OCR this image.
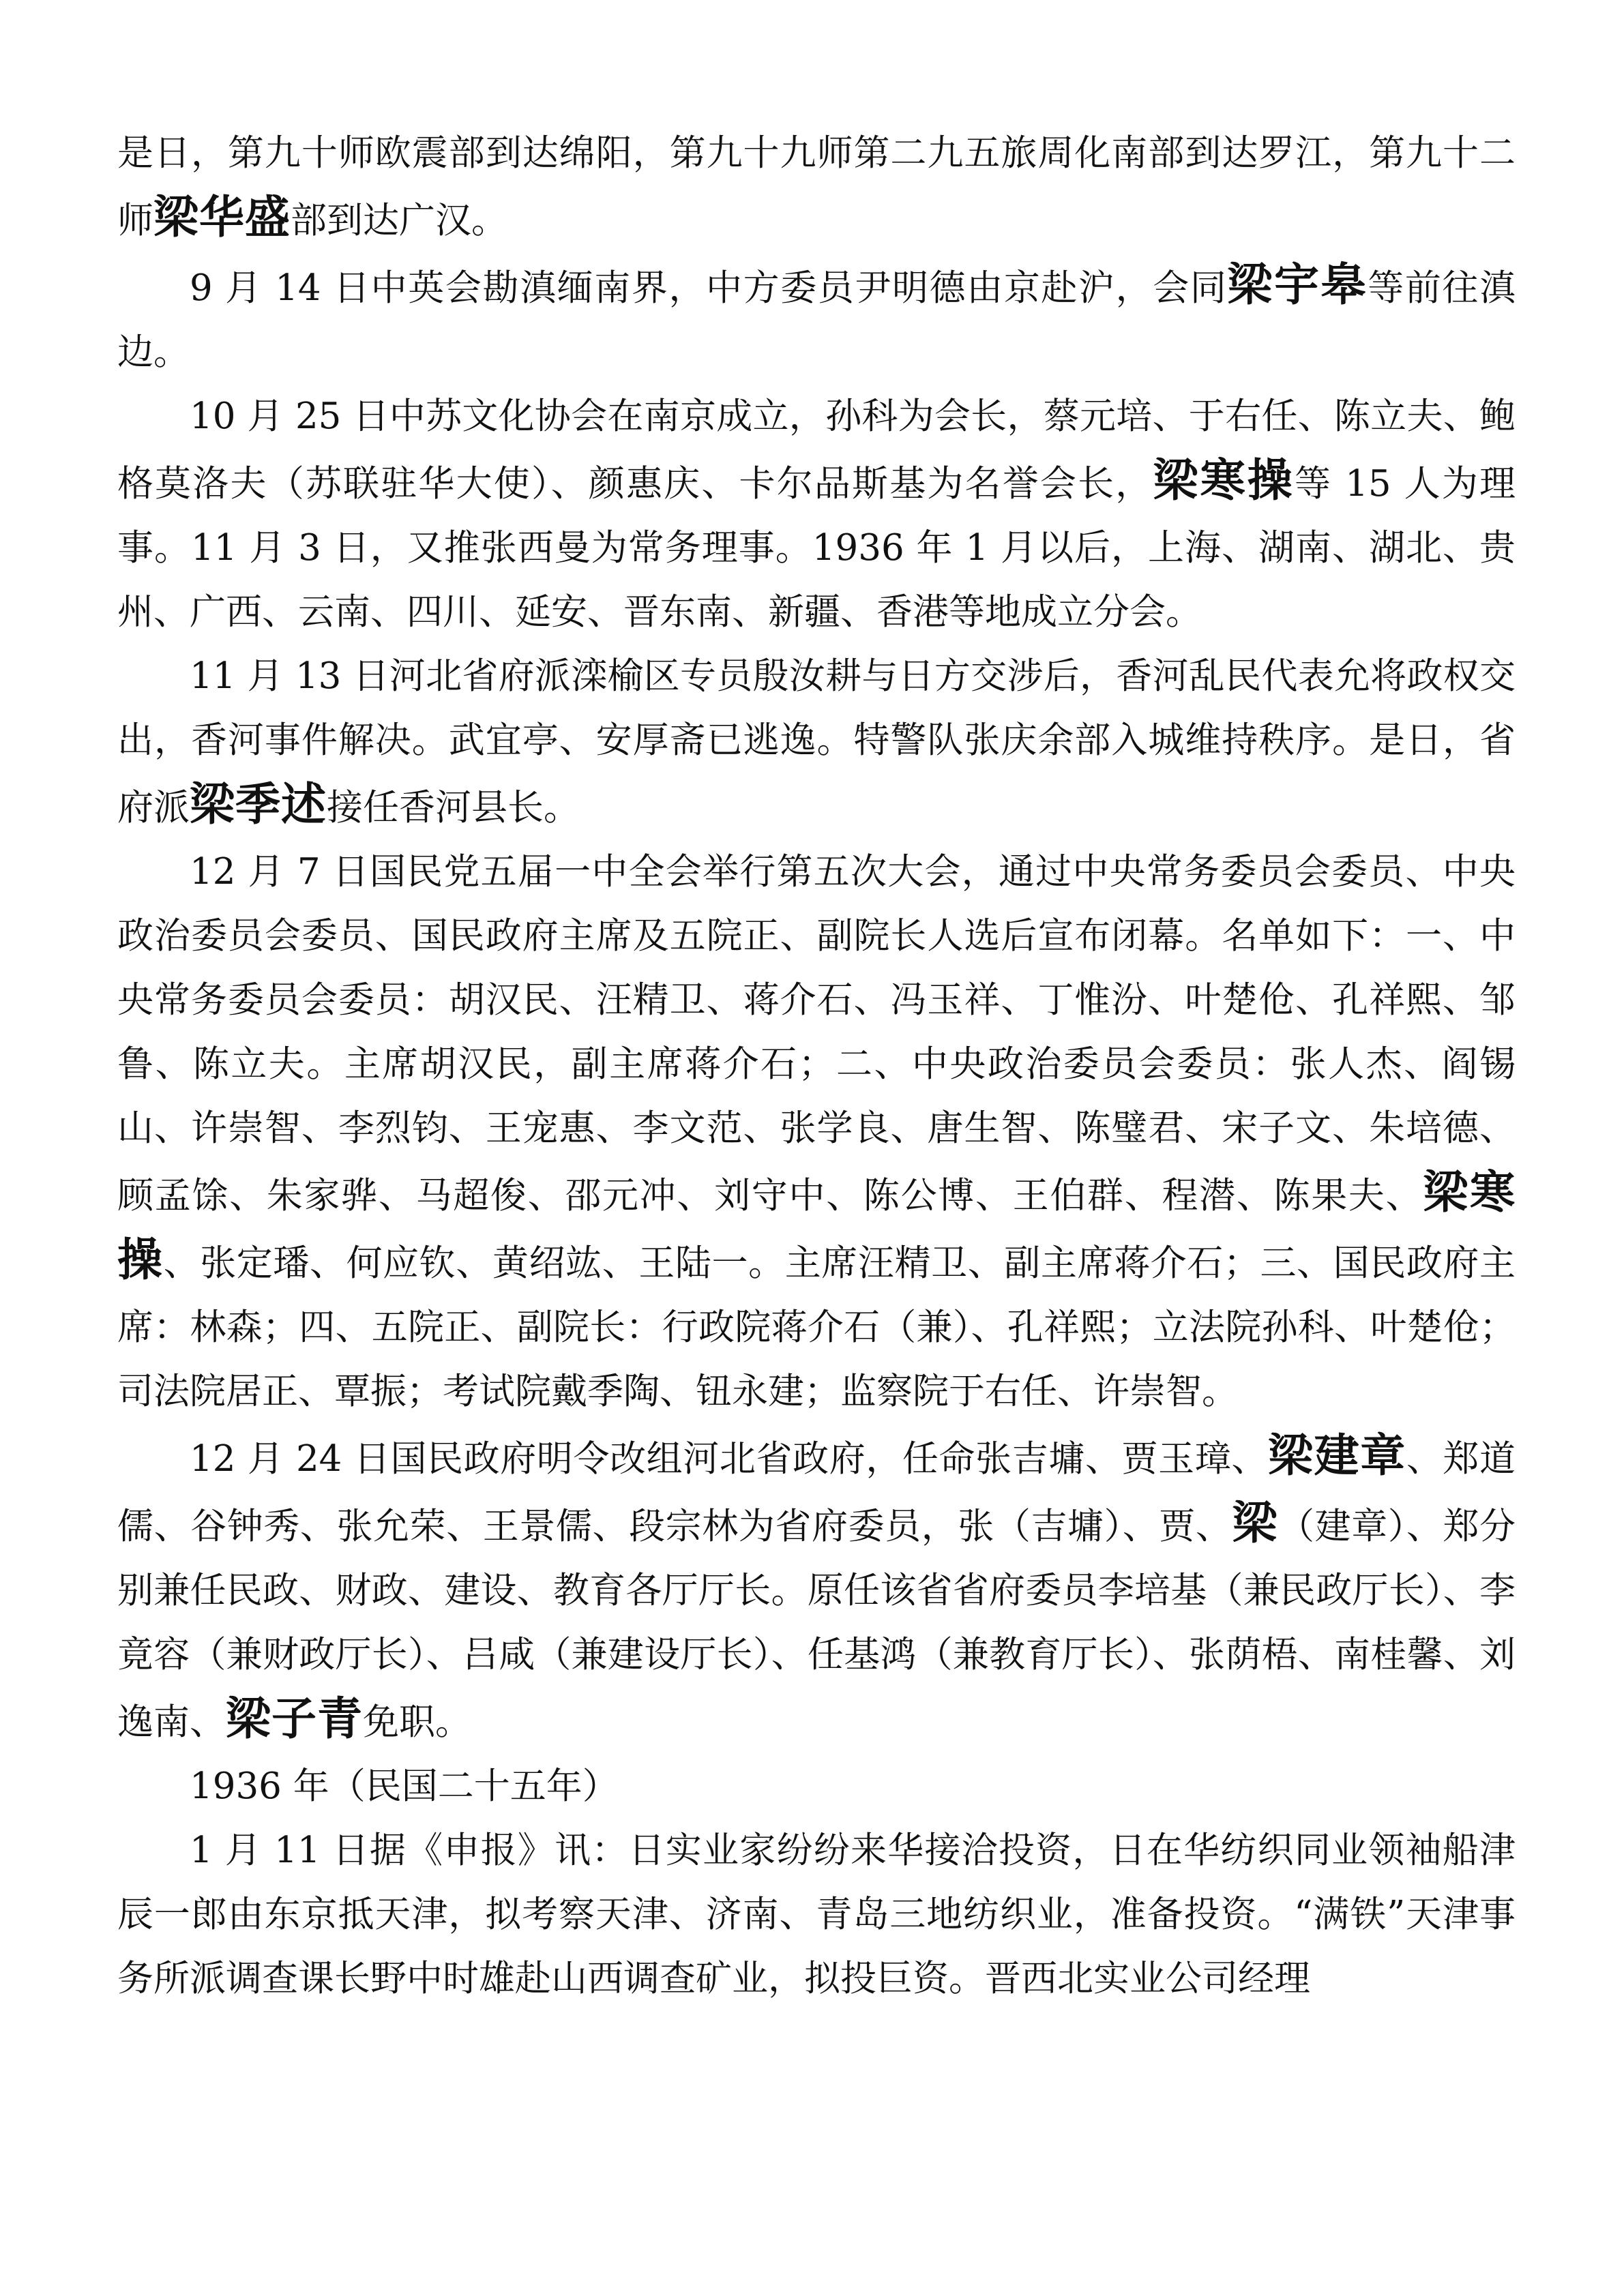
是日，第九十师欧震部到达绵阳，第九十九师第二九五旅周化南部到达罗江，第九十二师梁华盛部到达广汉。

9 月 14 日中英会勘滇缅南界，中方委员尹明德由京赴沪，会同梁宇皋等前往滇边。

10 月 25 日中苏文化协会在南京成立，孙科为会长，蔡元培、于右任、陈立夫、鲍格莫洛夫（苏联驻华大使）、颜惠庆、卡尔品斯基为名誉会长，梁寒操等 15 人为理事。11 月 3 日，又推张西曼为常务理事。1936 年 1 月以后，上海、湖南、湖北、贵州、广西、云南、四川、延安、晋东南、新疆、香港等地成立分会。

11 月 13 日河北省府派滦榆区专员殷汝耕与日方交涉后，香河乱民代表允将政权交出，香河事件解决。武宜亭、安厚斋已逃逸。特警队张庆余部入城维持秩序。是日，省府派梁季述接任香河县长。

12 月 7 日国民党五届一中全会举行第五次大会，通过中央常务委员会委员、中央政治委员会委员、国民政府主席及五院正、副院长人选后宣布闭幕。名单如下：一、中央常务委员会委员：胡汉民、汪精卫、蒋介石、冯玉祥、丁惟汾、叶楚伧、孔祥熙、邹鲁、陈立夫。主席胡汉民，副主席蒋介石；二、中央政治委员会委员：张人杰、阎锡山、许崇智、李烈钧、王宠惠、李文范、张学良、唐生智、陈璧君、宋子文、朱培德、顾孟馀、朱家骅、马超俊、邵元冲、刘守中、陈公博、王伯群、程潜、陈果夫、梁寒操、张定璠、何应钦、黄绍竑、王陆一。主席汪精卫、副主席蒋介石；三、国民政府主席：林森；四、五院正、副院长：行政院蒋介石（兼）、孔祥熙；立法院孙科、叶楚伧；司法院居正、覃振；考试院戴季陶、钮永建；监察院于右任、许崇智。

12 月 24 日国民政府明令改组河北省政府，任命张吉墉、贾玉璋、梁建章、郑道儒、谷钟秀、张允荣、王景儒、段宗林为省府委员，张（吉墉）、贾、梁（建章）、郑分别兼任民政、财政、建设、教育各厅厅长。原任该省省府委员李培基（兼民政厅长）、李竟容（兼财政厅长）、吕咸（兼建设厅长）、任基鸿（兼教育厅长）、张荫梧、南桂馨、刘逸南、梁子青免职。

1936 年（民国二十五年）

1 月 11 日据《申报》讯：日实业家纷纷来华接洽投资，日在华纺织同业领袖船津辰一郎由东京抵天津，拟考察天津、济南、青岛三地纺织业，准备投资。“满铁”天津事务所派调查课长野中时雄赴山西调查矿业，拟投巨资。晋西北实业公司经理
